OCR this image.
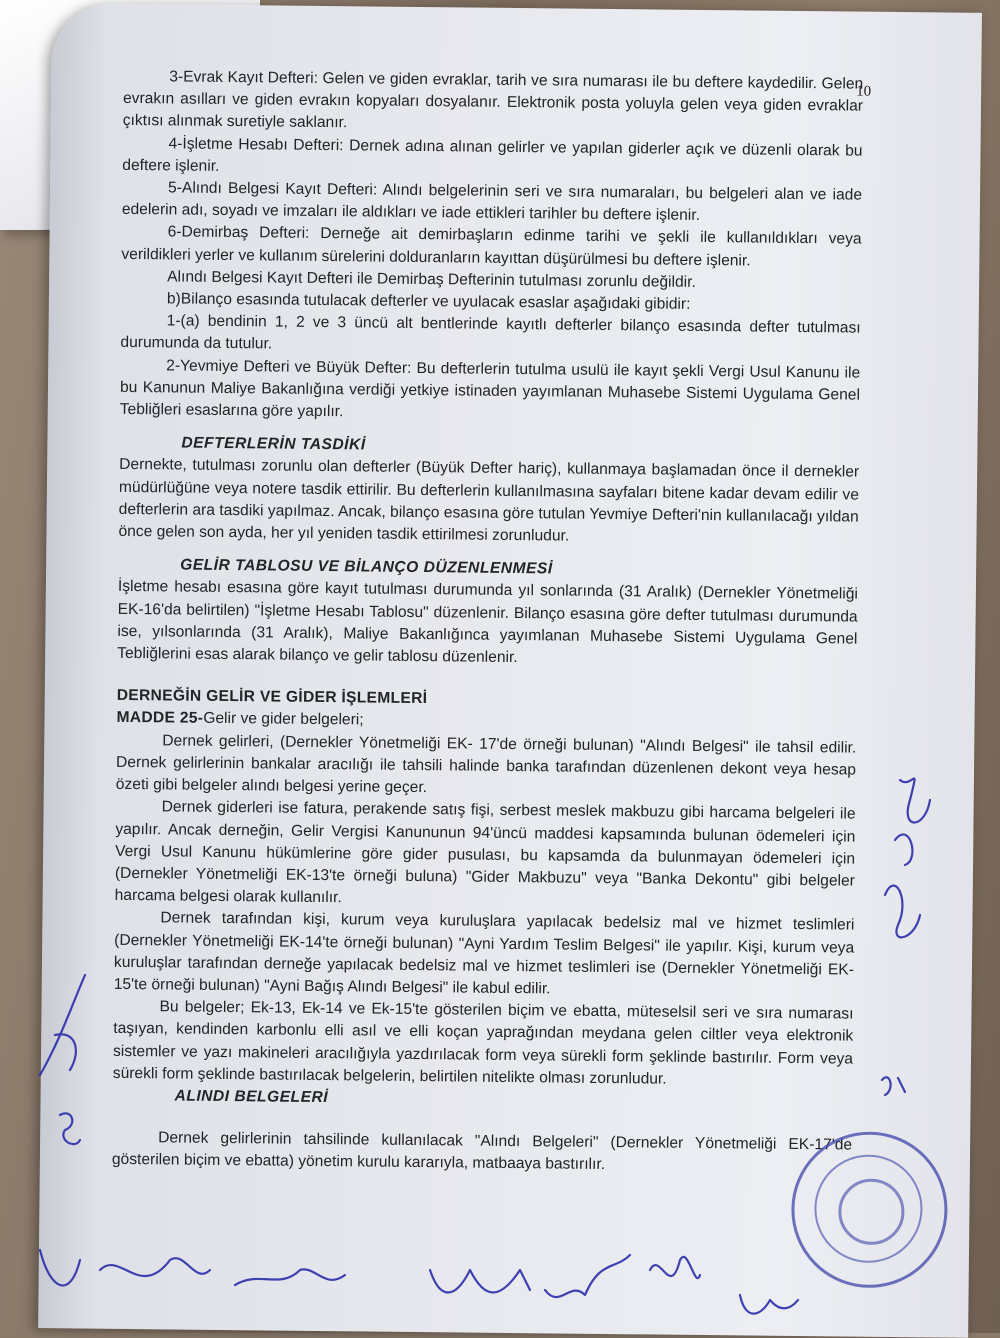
10

3-Evrak Kayıt Defteri: Gelen ve giden evraklar, tarih ve sıra numarası ile bu deftere kaydedilir. Gelen evrakın asılları ve giden evrakın kopyaları dosyalanır. Elektronik posta yoluyla gelen veya giden evraklar çıktısı alınmak suretiyle saklanır.

4-İşletme Hesabı Defteri: Dernek adına alınan gelirler ve yapılan giderler açık ve düzenli olarak bu deftere işlenir.

5-Alındı Belgesi Kayıt Defteri: Alındı belgelerinin seri ve sıra numaraları, bu belgeleri alan ve iade edelerin adı, soyadı ve imzaları ile aldıkları ve iade ettikleri tarihler bu deftere işlenir.

6-Demirbaş Defteri: Derneğe ait demirbaşların edinme tarihi ve şekli ile kullanıldıkları veya verildikleri yerler ve kullanım sürelerini dolduranların kayıttan düşürülmesi bu deftere işlenir.

Alındı Belgesi Kayıt Defteri ile Demirbaş Defterinin tutulması zorunlu değildir.

b)Bilanço esasında tutulacak defterler ve uyulacak esaslar aşağıdaki gibidir:

1-(a) bendinin 1, 2 ve 3 üncü alt bentlerinde kayıtlı defterler bilanço esasında defter tutulması durumunda da tutulur.

2-Yevmiye Defteri ve Büyük Defter: Bu defterlerin tutulma usulü ile kayıt şekli Vergi Usul Kanunu ile bu Kanunun Maliye Bakanlığına verdiği yetkiye istinaden yayımlanan Muhasebe Sistemi Uygulama Genel Tebliğleri esaslarına göre yapılır.

DEFTERLERİN TASDİKİ

Dernekte, tutulması zorunlu olan defterler (Büyük Defter hariç), kullanmaya başlamadan önce il dernekler müdürlüğüne veya notere tasdik ettirilir. Bu defterlerin kullanılmasına sayfaları bitene kadar devam edilir ve defterlerin ara tasdiki yapılmaz. Ancak, bilanço esasına göre tutulan Yevmiye Defteri'nin kullanılacağı yıldan önce gelen son ayda, her yıl yeniden tasdik ettirilmesi zorunludur.

GELİR TABLOSU VE BİLANÇO DÜZENLENMESİ

İşletme hesabı esasına göre kayıt tutulması durumunda yıl sonlarında (31 Aralık) (Dernekler Yönetmeliği EK-16'da belirtilen) "İşletme Hesabı Tablosu" düzenlenir. Bilanço esasına göre defter tutulması durumunda ise, yılsonlarında (31 Aralık), Maliye Bakanlığınca yayımlanan Muhasebe Sistemi Uygulama Genel Tebliğlerini esas alarak bilanço ve gelir tablosu düzenlenir.

DERNEĞİN GELİR VE GİDER İŞLEMLERİ

MADDE 25-Gelir ve gider belgeleri;

Dernek gelirleri, (Dernekler Yönetmeliği EK- 17'de örneği bulunan) "Alındı Belgesi" ile tahsil edilir. Dernek gelirlerinin bankalar aracılığı ile tahsili halinde banka tarafından düzenlenen dekont veya hesap özeti gibi belgeler alındı belgesi yerine geçer.

Dernek giderleri ise fatura, perakende satış fişi, serbest meslek makbuzu gibi harcama belgeleri ile yapılır. Ancak derneğin, Gelir Vergisi Kanununun 94'üncü maddesi kapsamında bulunan ödemeleri için Vergi Usul Kanunu hükümlerine göre gider pusulası, bu kapsamda da bulunmayan ödemeleri için (Dernekler Yönetmeliği EK-13'te örneği buluna) "Gider Makbuzu" veya "Banka Dekontu" gibi belgeler harcama belgesi olarak kullanılır.

Dernek tarafından kişi, kurum veya kuruluşlara yapılacak bedelsiz mal ve hizmet teslimleri (Dernekler Yönetmeliği EK-14'te örneği bulunan) "Ayni Yardım Teslim Belgesi" ile yapılır. Kişi, kurum veya kuruluşlar tarafından derneğe yapılacak bedelsiz mal ve hizmet teslimleri ise (Dernekler Yönetmeliği EK-15'te örneği bulunan) "Ayni Bağış Alındı Belgesi" ile kabul edilir.

Bu belgeler; Ek-13, Ek-14 ve Ek-15'te gösterilen biçim ve ebatta, müteselsil seri ve sıra numarası taşıyan, kendinden karbonlu elli asıl ve elli koçan yaprağından meydana gelen ciltler veya elektronik sistemler ve yazı makineleri aracılığıyla yazdırılacak form veya sürekli form şeklinde bastırılır. Form veya sürekli form şeklinde bastırılacak belgelerin, belirtilen nitelikte olması zorunludur.

ALINDI BELGELERİ

Dernek gelirlerinin tahsilinde kullanılacak "Alındı Belgeleri" (Dernekler Yönetmeliği EK-17'de gösterilen biçim ve ebatta) yönetim kurulu kararıyla, matbaaya bastırılır.
